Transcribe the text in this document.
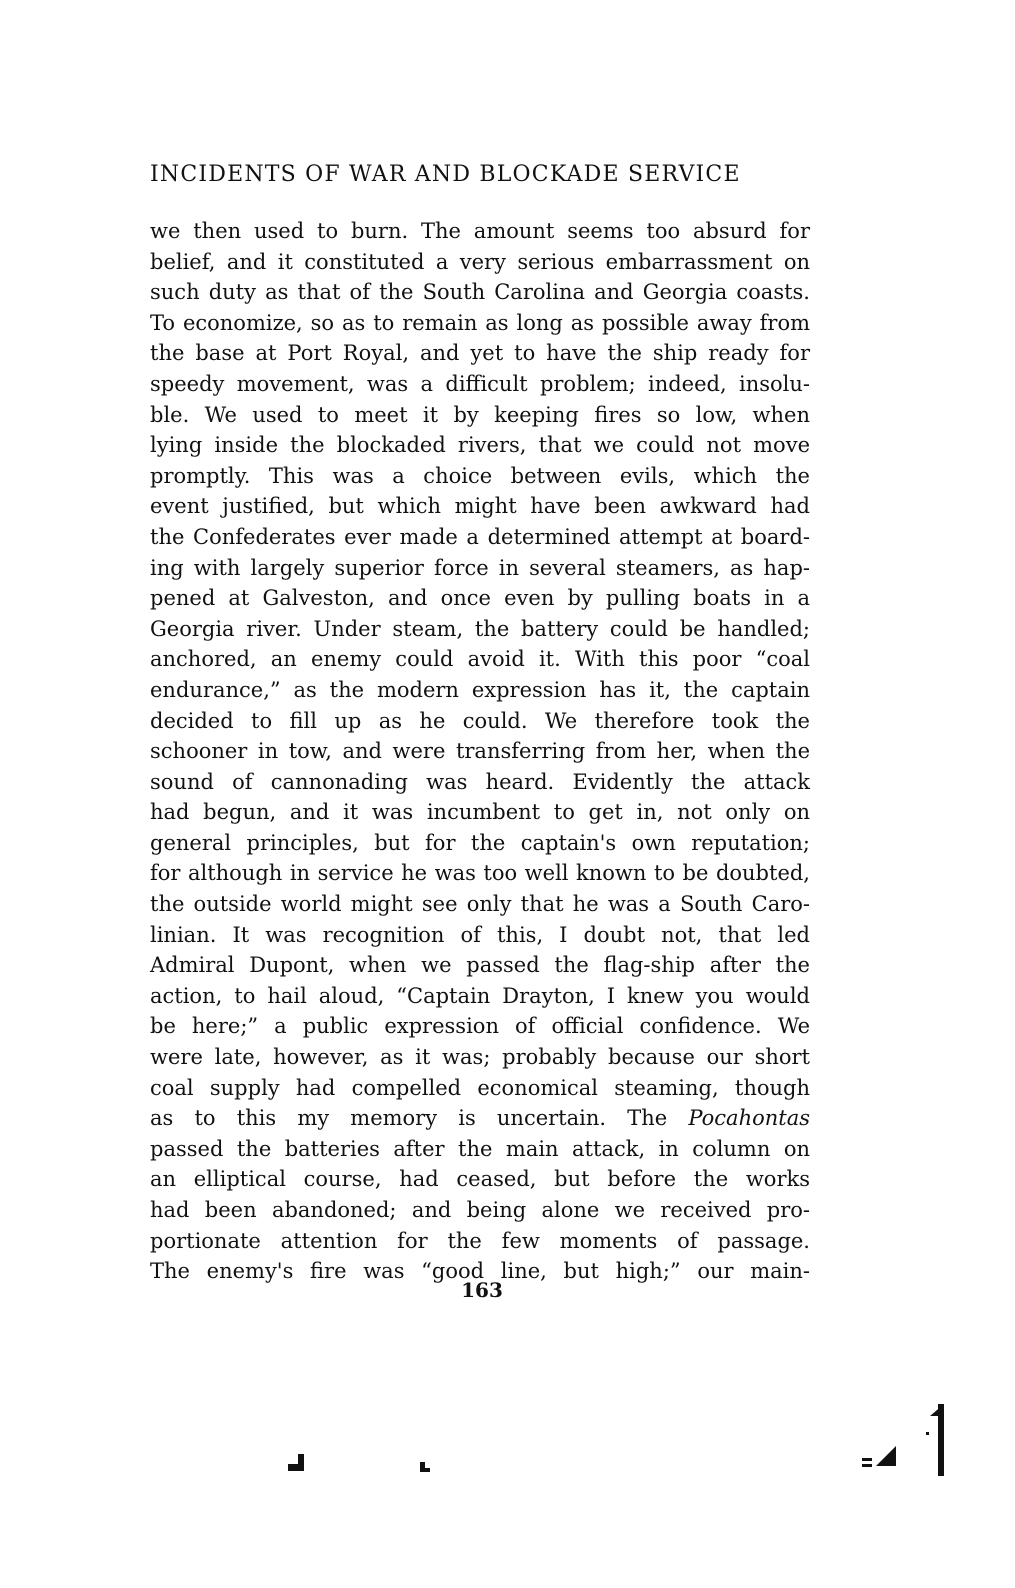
INCIDENTS OF WAR AND BLOCKADE SERVICE
we then used to burn. The amount seems too absurd for
belief, and it constituted a very serious embarrassment on
such duty as that of the South Carolina and Georgia coasts.
To economize, so as to remain as long as possible away from
the base at Port Royal, and yet to have the ship ready for
speedy movement, was a difficult problem; indeed, insolu-
ble. We used to meet it by keeping fires so low, when
lying inside the blockaded rivers, that we could not move
promptly. This was a choice between evils, which the
event justified, but which might have been awkward had
the Confederates ever made a determined attempt at board-
ing with largely superior force in several steamers, as hap-
pened at Galveston, and once even by pulling boats in a
Georgia river. Under steam, the battery could be handled;
anchored, an enemy could avoid it. With this poor “coal
endurance,” as the modern expression has it, the captain
decided to fill up as he could. We therefore took the
schooner in tow, and were transferring from her, when the
sound of cannonading was heard. Evidently the attack
had begun, and it was incumbent to get in, not only on
general principles, but for the captain's own reputation;
for although in service he was too well known to be doubted,
the outside world might see only that he was a South Caro-
linian. It was recognition of this, I doubt not, that led
Admiral Dupont, when we passed the flag-ship after the
action, to hail aloud, “Captain Drayton, I knew you would
be here;” a public expression of official confidence. We
were late, however, as it was; probably because our short
coal supply had compelled economical steaming, though
as to this my memory is uncertain. The Pocahontas
passed the batteries after the main attack, in column on
an elliptical course, had ceased, but before the works
had been abandoned; and being alone we received pro-
portionate attention for the few moments of passage.
The enemy's fire was “good line, but high;” our main-
163
